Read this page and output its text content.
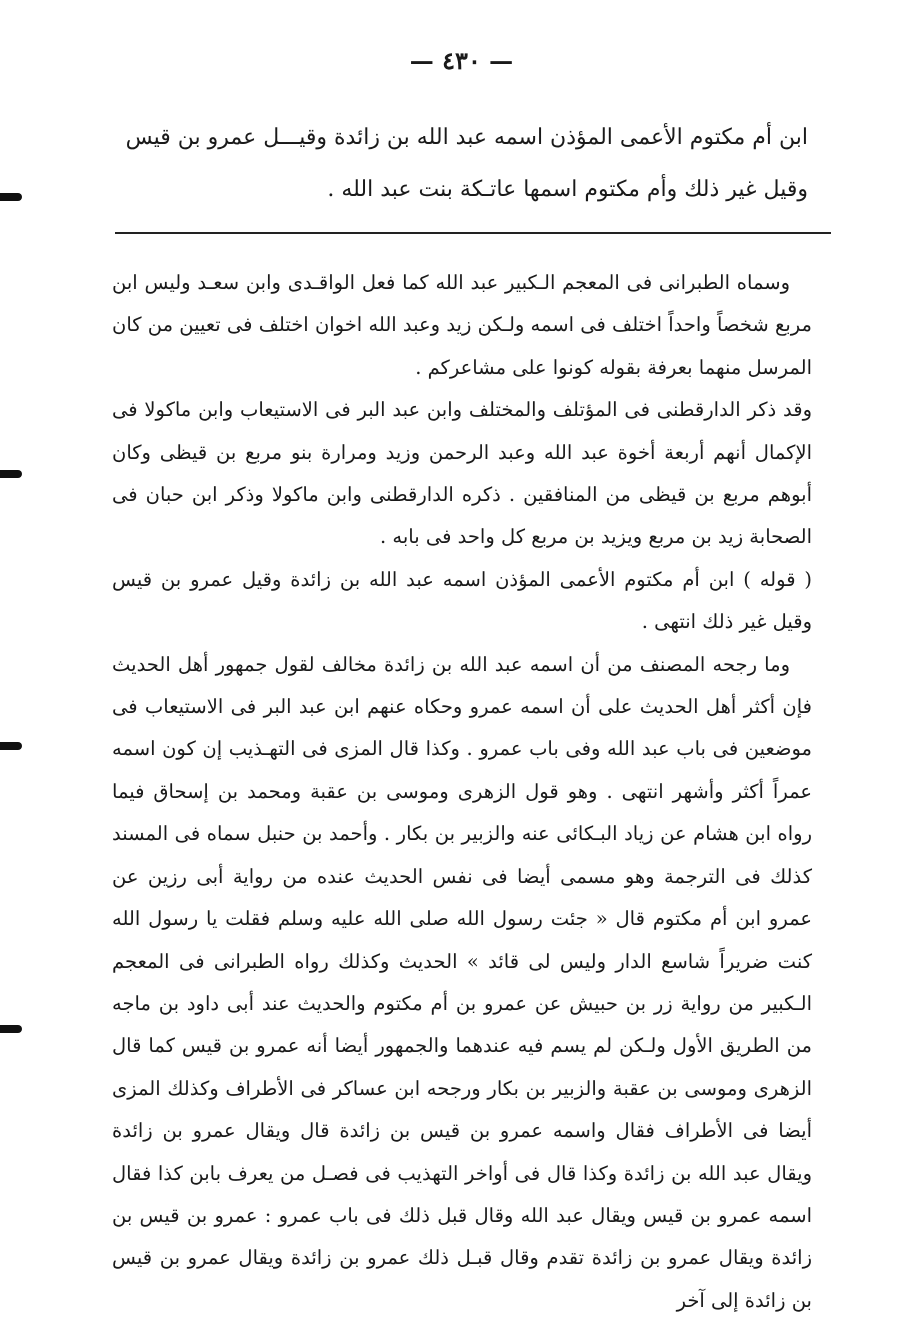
— ٤٣٠ —
ابن أم مكتوم الأعمى المؤذن اسمه عبد الله بن زائدة وقيـــل عمرو بن قيس
وقيل غير ذلك وأم مكتوم اسمها عاتـكة بنت عبد الله .

وسماه الطبرانى فى المعجم الـكبير عبد الله كما فعل الواقـدى وابن سعـد وليس ابن مربع شخصاً واحداً اختلف فى اسمه ولـكن زيد وعبد الله اخوان اختلف فى تعيين من كان المرسل منهما بعرفة بقوله كونوا على مشاعركم .

وقد ذكر الدارقطنى فى المؤتلف والمختلف وابن عبد البر فى الاستيعاب وابن ماكولا فى الإكمال أنهم أربعة أخوة عبد الله وعبد الرحمن وزيد ومرارة بنو مربع بن قيظى وكان أبوهم مربع بن قيظى من المنافقين . ذكره الدارقطنى وابن ماكولا وذكر ابن حبان فى الصحابة زيد بن مربع ويزيد بن مربع كل واحد فى بابه .

( قوله ) ابن أم مكتوم الأعمى المؤذن اسمه عبد الله بن زائدة وقيل عمرو بن قيس وقيل غير ذلك انتهى .

وما رجحه المصنف من أن اسمه عبد الله بن زائدة مخالف لقول جمهور أهل الحديث فإن أكثر أهل الحديث على أن اسمه عمرو وحكاه عنهم ابن عبد البر فى الاستيعاب فى موضعين فى باب عبد الله وفى باب عمرو . وكذا قال المزى فى التهـذيب إن كون اسمه عمراً أكثر وأشهر انتهى . وهو قول الزهرى وموسى بن عقبة ومحمد بن إسحاق فيما رواه ابن هشام عن زياد البـكائى عنه والزبير بن بكار . وأحمد بن حنبل سماه فى المسند كذلك فى الترجمة وهو مسمى أيضا فى نفس الحديث عنده من رواية أبى رزين عن عمرو ابن أم مكتوم قال « جئت رسول الله صلى الله عليه وسلم فقلت يا رسول الله كنت ضريراً شاسع الدار وليس لى قائد » الحديث وكذلك رواه الطبرانى فى المعجم الـكبير من رواية زر بن حبيش عن عمرو بن أم مكتوم والحديث عند أبى داود بن ماجه من الطريق الأول ولـكن لم يسم فيه عندهما والجمهور أيضا أنه عمرو بن قيس كما قال الزهرى وموسى بن عقبة والزبير بن بكار ورجحه ابن عساكر فى الأطراف وكذلك المزى أيضا فى الأطراف فقال واسمه عمرو بن قيس بن زائدة قال ويقال عمرو بن زائدة ويقال عبد الله بن زائدة وكذا قال فى أواخر التهذيب فى فصـل من يعرف بابن كذا فقال اسمه عمرو بن قيس ويقال عبد الله وقال قبل ذلك فى باب عمرو : عمرو بن قيس بن زائدة ويقال عمرو بن زائدة تقدم وقال قبـل ذلك عمرو بن زائدة ويقال عمرو بن قيس بن زائدة إلى آخر
